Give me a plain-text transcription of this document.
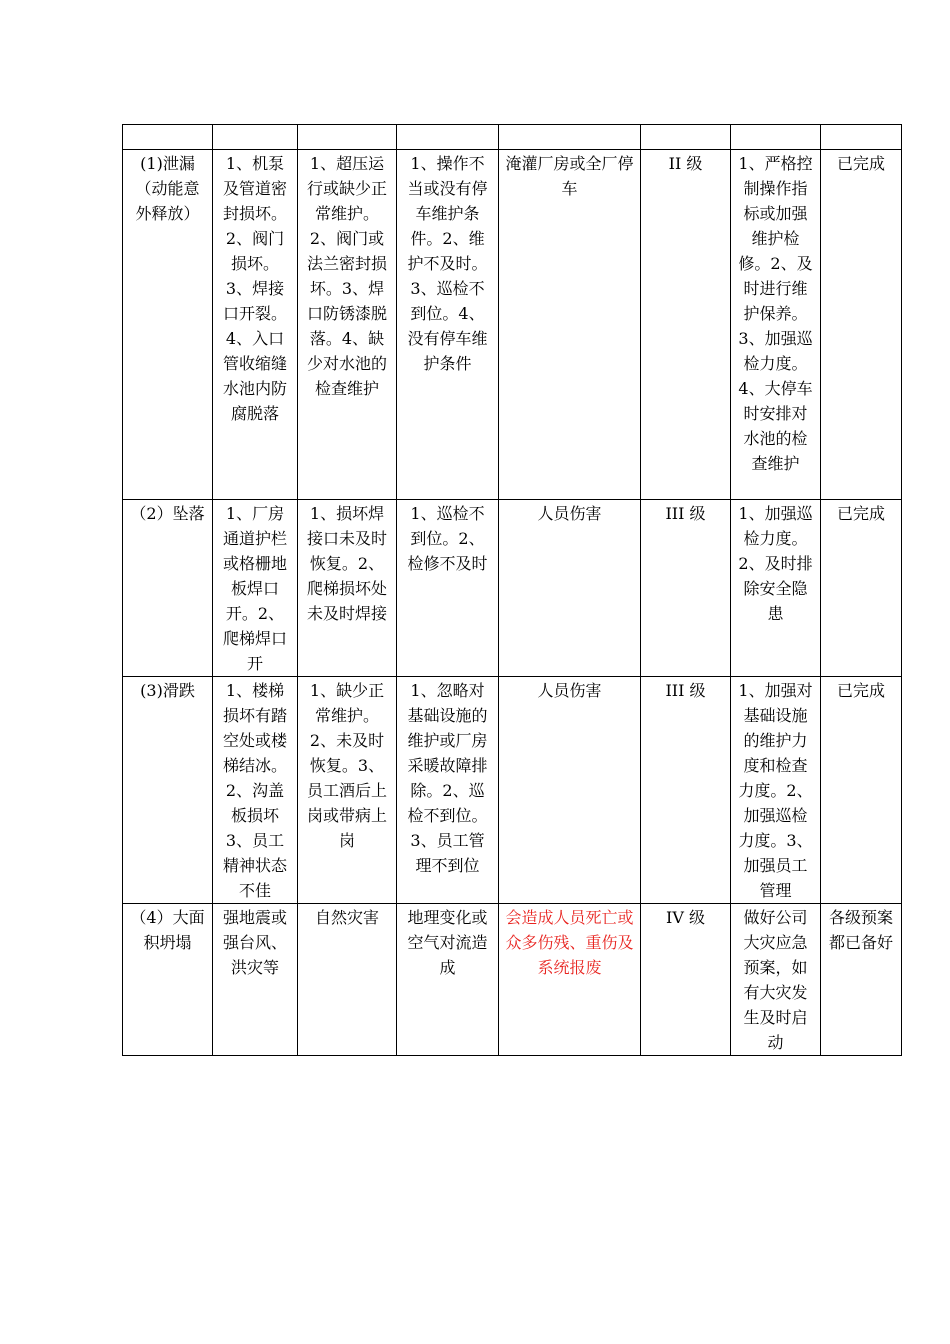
(1)泄漏（动能意外释放）	1、机泵及管道密封损坏。2、阀门损坏。3、焊接口开裂。4、入口管收缩缝水池内防腐脱落	1、超压运行或缺少正常维护。2、阀门或法兰密封损坏。3、焊口防锈漆脱落。4、缺少对水池的检查维护	1、操作不当或没有停车维护条件。2、维护不及时。3、巡检不到位。4、没有停车维护条件	淹灌厂房或全厂停车	II 级	1、严格控制操作指标或加强维护检修。2、及时进行维护保养。3、加强巡检力度。4、大停车时安排对水池的检查维护	已完成
（2）坠落	1、厂房通道护栏或格栅地板焊口开。2、爬梯焊口开	1、损坏焊接口未及时恢复。2、爬梯损坏处未及时焊接	1、巡检不到位。2、检修不及时	人员伤害	III 级	1、加强巡检力度。2、及时排除安全隐患	已完成
(3)滑跌	1、楼梯损坏有踏空处或楼梯结冰。2、沟盖板损坏3、员工精神状态不佳	1、缺少正常维护。2、未及时恢复。3、员工酒后上岗或带病上岗	1、忽略对基础设施的维护或厂房采暖故障排除。2、巡检不到位。3、员工管理不到位	人员伤害	III 级	1、加强对基础设施的维护力度和检查力度。2、加强巡检力度。3、加强员工管理	已完成
（4）大面积坍塌	强地震或强台风、洪灾等	自然灾害	地理变化或空气对流造成	会造成人员死亡或众多伤残、重伤及系统报废	IV 级	做好公司大灾应急预案，如有大灾发生及时启动	各级预案都已备好
